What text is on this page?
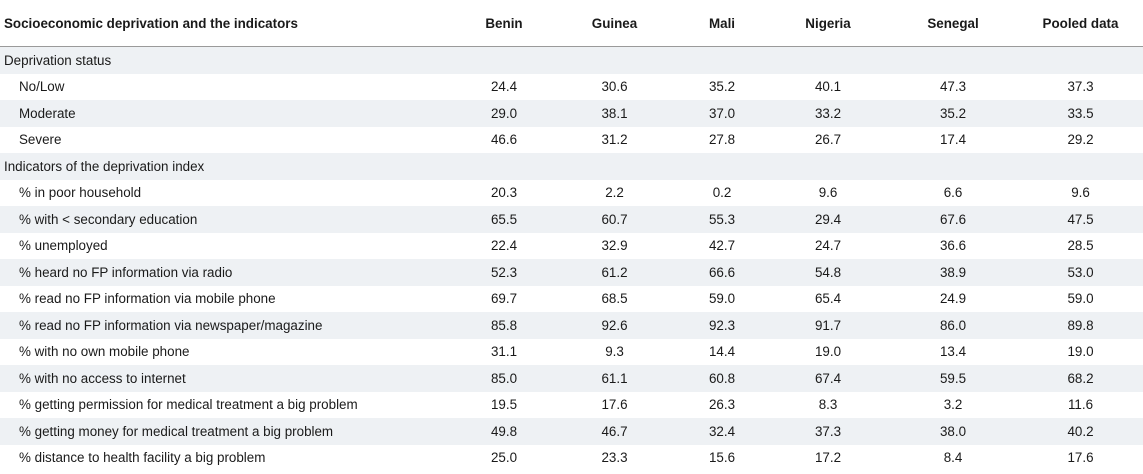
Socioeconomic deprivation and the indicators	Benin	Guinea	Mali	Nigeria	Senegal	Pooled data
Deprivation status						
No/Low	24.4	30.6	35.2	40.1	47.3	37.3
Moderate	29.0	38.1	37.0	33.2	35.2	33.5
Severe	46.6	31.2	27.8	26.7	17.4	29.2
Indicators of the deprivation index						
% in poor household	20.3	2.2	0.2	9.6	6.6	9.6
% with < secondary education	65.5	60.7	55.3	29.4	67.6	47.5
% unemployed	22.4	32.9	42.7	24.7	36.6	28.5
% heard no FP information via radio	52.3	61.2	66.6	54.8	38.9	53.0
% read no FP information via mobile phone	69.7	68.5	59.0	65.4	24.9	59.0
% read no FP information via newspaper/magazine	85.8	92.6	92.3	91.7	86.0	89.8
% with no own mobile phone	31.1	9.3	14.4	19.0	13.4	19.0
% with no access to internet	85.0	61.1	60.8	67.4	59.5	68.2
% getting permission for medical treatment a big problem	19.5	17.6	26.3	8.3	3.2	11.6
% getting money for medical treatment a big problem	49.8	46.7	32.4	37.3	38.0	40.2
% distance to health facility a big problem	25.0	23.3	15.6	17.2	8.4	17.6
